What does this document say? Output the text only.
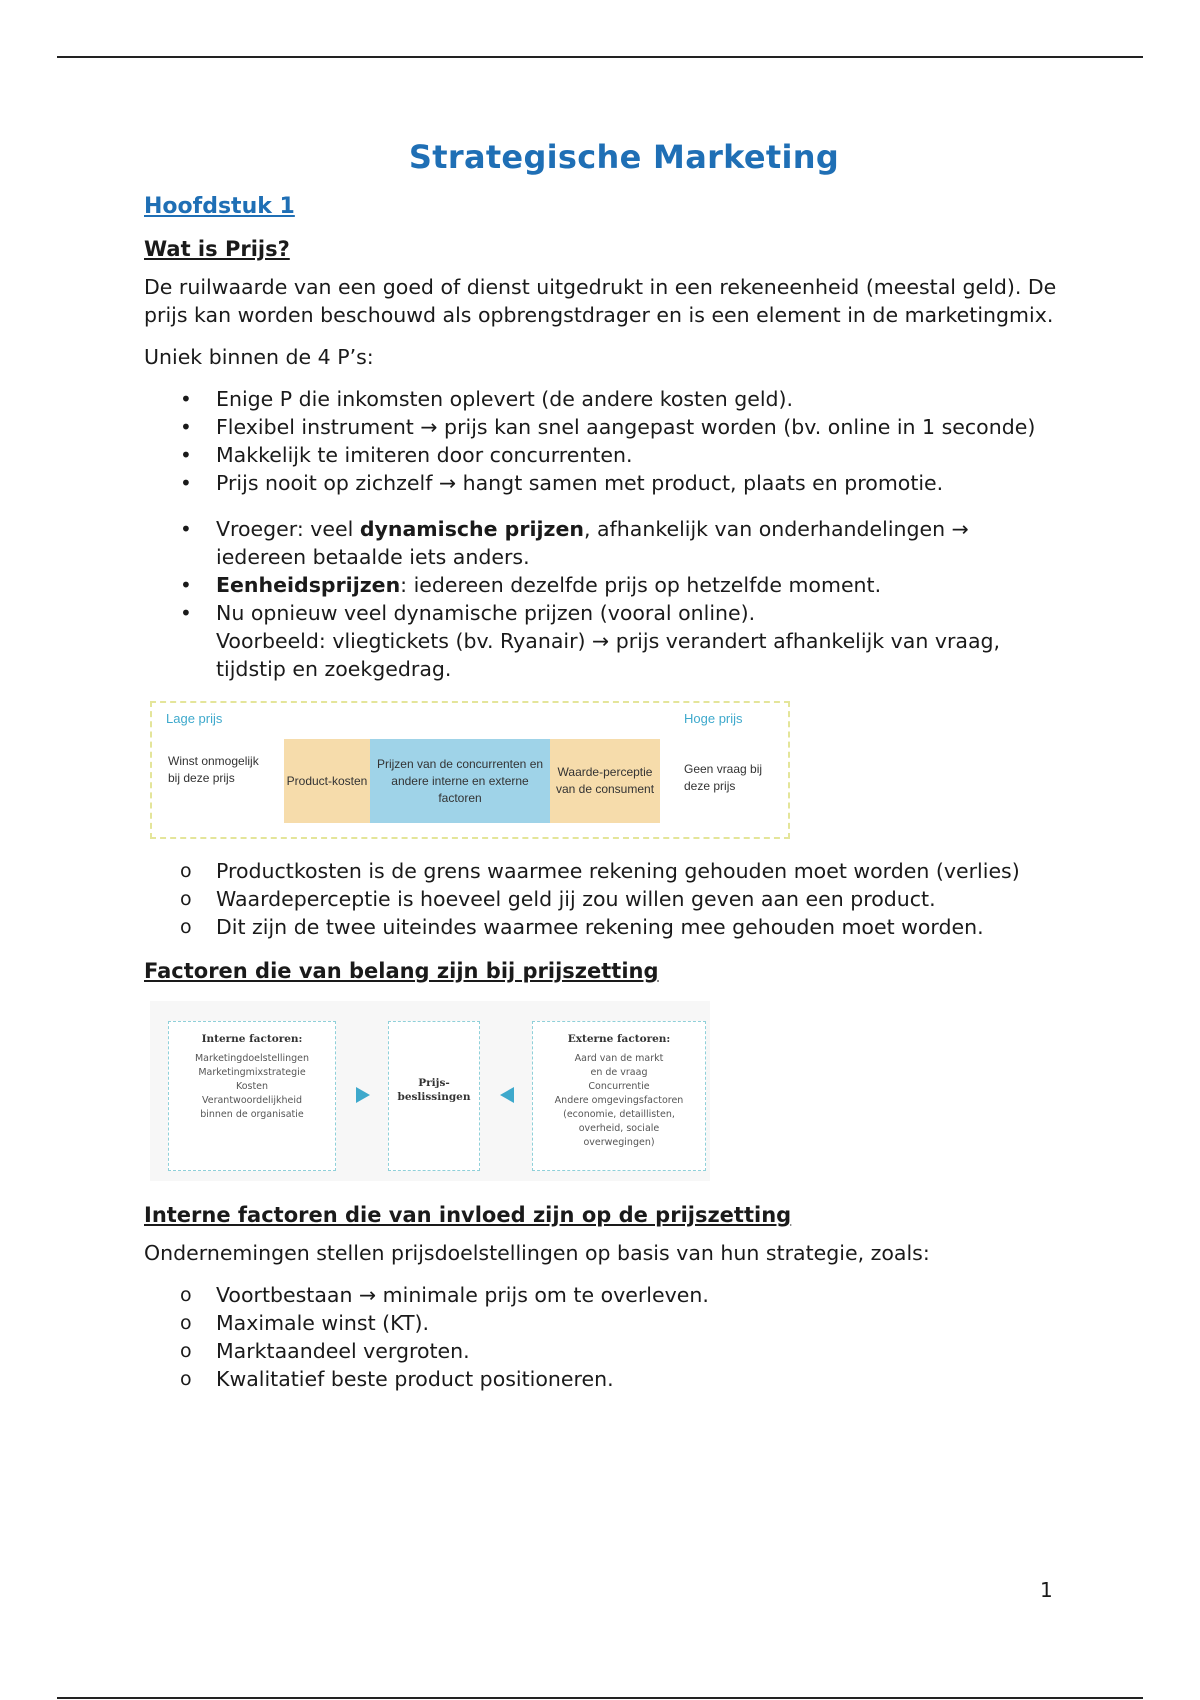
Strategische Marketing
Hoofdstuk 1
Wat is Prijs?

De ruilwaarde van een goed of dienst uitgedrukt in een rekeneenheid (meestal geld). De prijs kan worden beschouwd als opbrengstdrager en is een element in de marketingmix.

Uniek binnen de 4 P’s:

• Enige P die inkomsten oplevert (de andere kosten geld).
• Flexibel instrument → prijs kan snel aangepast worden (bv. online in 1 seconde)
• Makkelijk te imiteren door concurrenten.
• Prijs nooit op zichzelf → hangt samen met product, plaats en promotie.
• Vroeger: veel dynamische prijzen, afhankelijk van onderhandelingen → iedereen betaalde iets anders.
• Eenheidsprijzen: iedereen dezelfde prijs op hetzelfde moment.
• Nu opnieuw veel dynamische prijzen (vooral online).
Voorbeeld: vliegtickets (bv. Ryanair) → prijs verandert afhankelijk van vraag, tijdstip en zoekgedrag.
Lage prijs	Hoge prijs
Winst onmogelijk bij deze prijs	Product-kosten
Prijzen van de concurrenten en andere interne en externe factoren
Waarde-perceptie van de consument
Geen vraag bij deze prijs
o Productkosten is de grens waarmee rekening gehouden moet worden (verlies)
o Waardeperceptie is hoeveel geld jij zou willen geven aan een product.
o Dit zijn de twee uiteindes waarmee rekening mee gehouden moet worden.
Factoren die van belang zijn bij prijszetting
Interne factoren:
Marketingdoelstellingen
Marketingmixstrategie
Kosten
Verantwoordelijkheid
binnen de organisatie
Prijs-beslissingen
Externe factoren:
Aard van de markt
en de vraag
Concurrentie
Andere omgevingsfactoren
(economie, detaillisten,
overheid, sociale
overwegingen)
Interne factoren die van invloed zijn op de prijszetting

Ondernemingen stellen prijsdoelstellingen op basis van hun strategie, zoals:

o Voortbestaan → minimale prijs om te overleven.
o Maximale winst (KT).
o Marktaandeel vergroten.
o Kwalitatief beste product positioneren.
1
